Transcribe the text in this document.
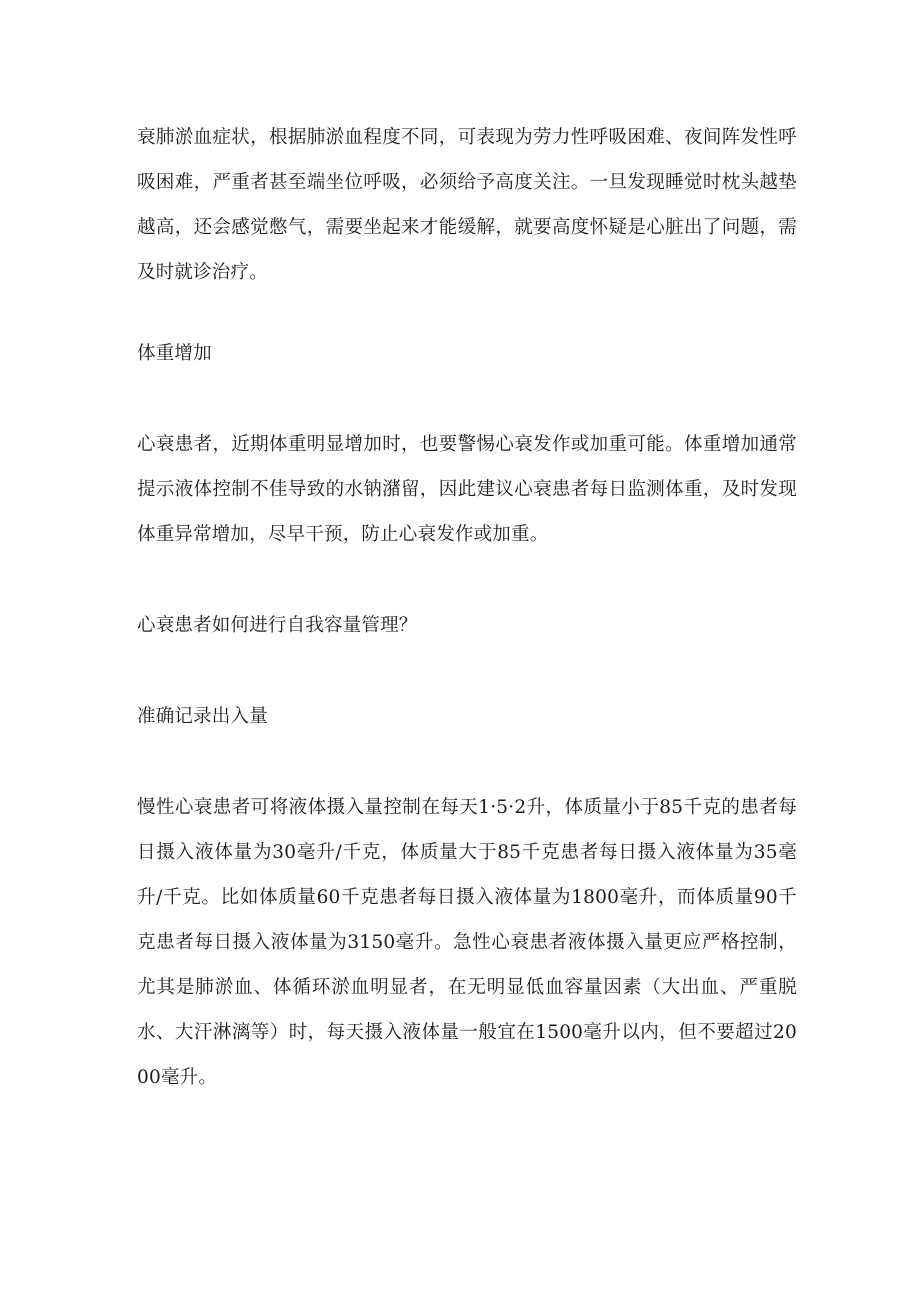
衰肺淤血症状，根据肺淤血程度不同，可表现为劳力性呼吸困难、夜间阵发性呼吸困难，严重者甚至端坐位呼吸，必须给予高度关注。一旦发现睡觉时枕头越垫越高，还会感觉憋气，需要坐起来才能缓解，就要高度怀疑是心脏出了问题，需及时就诊治疗。

体重增加

心衰患者，近期体重明显增加时，也要警惕心衰发作或加重可能。体重增加通常提示液体控制不佳导致的水钠潴留，因此建议心衰患者每日监测体重，及时发现体重异常增加，尽早干预，防止心衰发作或加重。

心衰患者如何进行自我容量管理？

准确记录出入量

慢性心衰患者可将液体摄入量控制在每天1·5·2升，体质量小于85千克的患者每日摄入液体量为30毫升/千克，体质量大于85千克患者每日摄入液体量为35毫升/千克。比如体质量60千克患者每日摄入液体量为1800毫升，而体质量90千克患者每日摄入液体量为3150毫升。急性心衰患者液体摄入量更应严格控制，尤其是肺淤血、体循环淤血明显者，在无明显低血容量因素（大出血、严重脱水、大汗淋漓等）时，每天摄入液体量一般宜在1500毫升以内，但不要超过2000毫升。
